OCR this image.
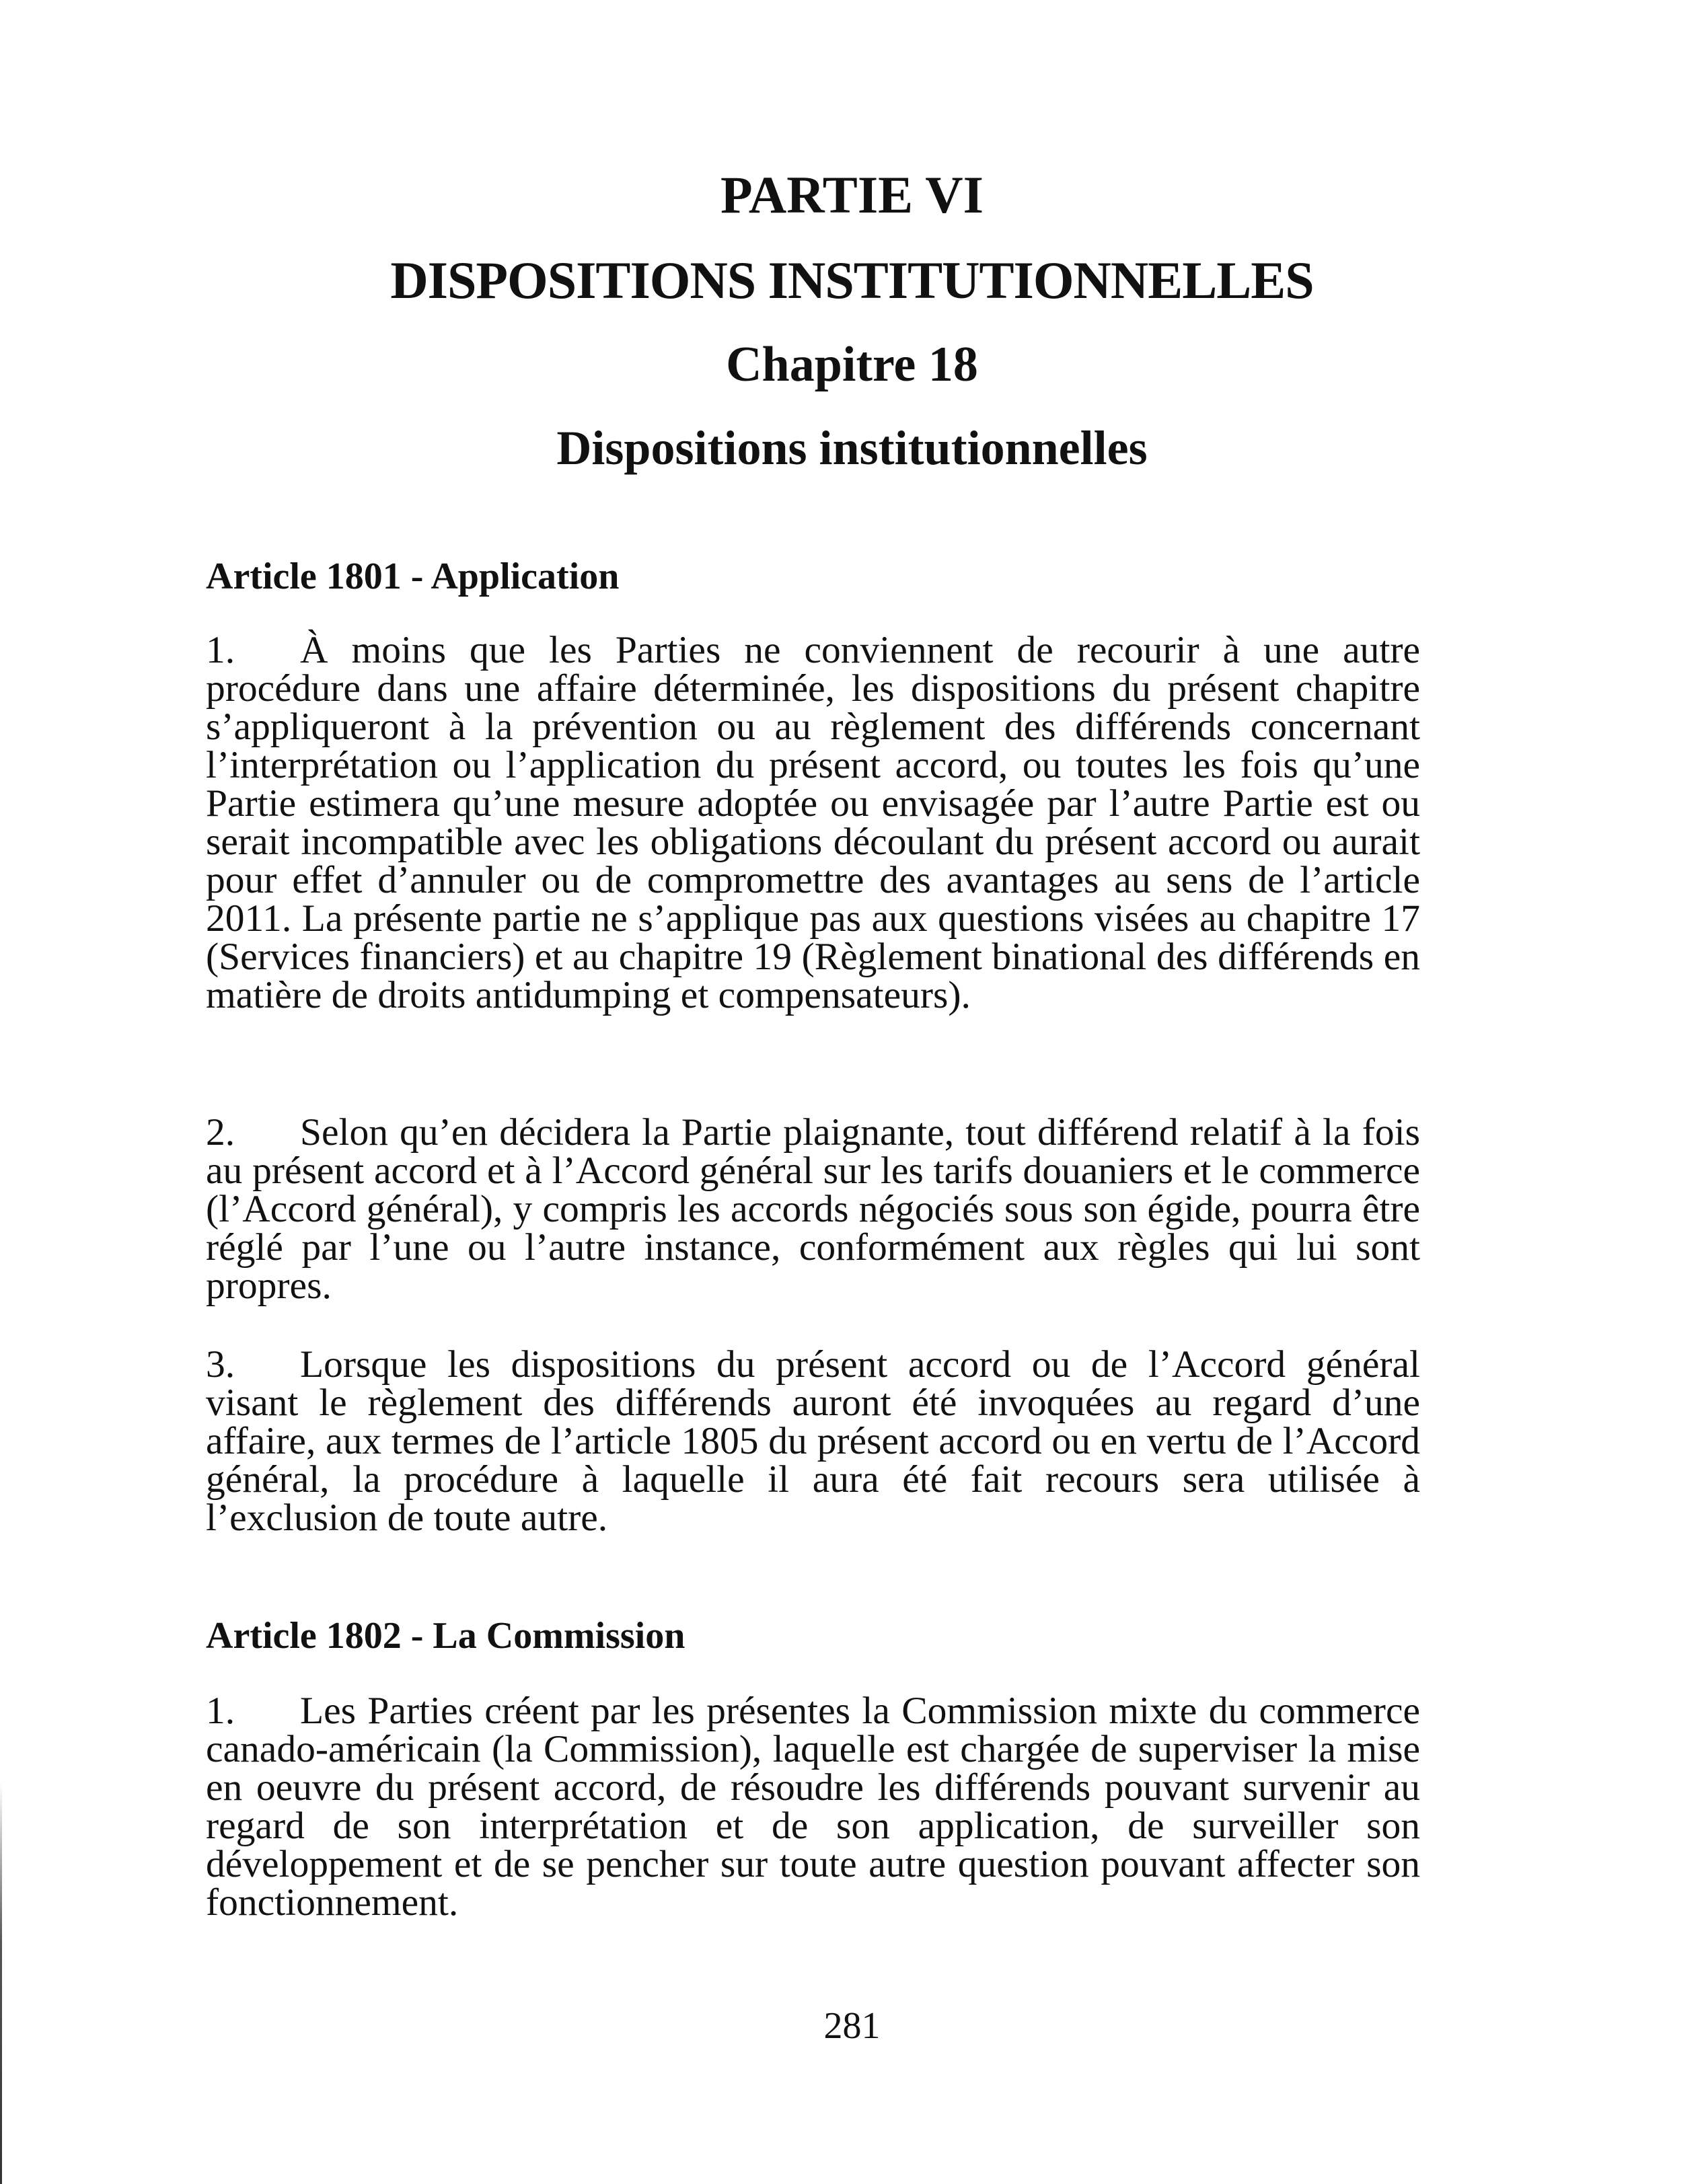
PARTIE VI
DISPOSITIONS INSTITUTIONNELLES
Chapitre 18
Dispositions institutionnelles
Article 1801 - Application

1. À moins que les Parties ne conviennent de recourir à une autre procédure dans une affaire déterminée, les dispositions du présent chapitre s’appliqueront à la prévention ou au règlement des différends concernant l’interprétation ou l’application du présent accord, ou toutes les fois qu’une Partie estimera qu’une mesure adoptée ou envisagée par l’autre Partie est ou serait incompatible avec les obligations découlant du présent accord ou aurait pour effet d’annuler ou de compromettre des avantages au sens de l’article 2011. La présente partie ne s’applique pas aux questions visées au chapitre 17 (Services financiers) et au chapitre 19 (Règlement binational des différends en matière de droits antidumping et compensateurs).

2. Selon qu’en décidera la Partie plaignante, tout différend relatif à la fois au présent accord et à l’Accord général sur les tarifs douaniers et le commerce (l’Accord général), y compris les accords négociés sous son égide, pourra être réglé par l’une ou l’autre instance, conformément aux règles qui lui sont propres.

3. Lorsque les dispositions du présent accord ou de l’Accord général visant le règlement des différends auront été invoquées au regard d’une affaire, aux termes de l’article 1805 du présent accord ou en vertu de l’Accord général, la procédure à laquelle il aura été fait recours sera utilisée à l’exclusion de toute autre.

Article 1802 - La Commission

1. Les Parties créent par les présentes la Commission mixte du commerce canado-américain (la Commission), laquelle est chargée de superviser la mise en oeuvre du présent accord, de résoudre les différends pouvant survenir au regard de son interprétation et de son application, de surveiller son développement et de se pencher sur toute autre question pouvant affecter son fonctionnement.

281
